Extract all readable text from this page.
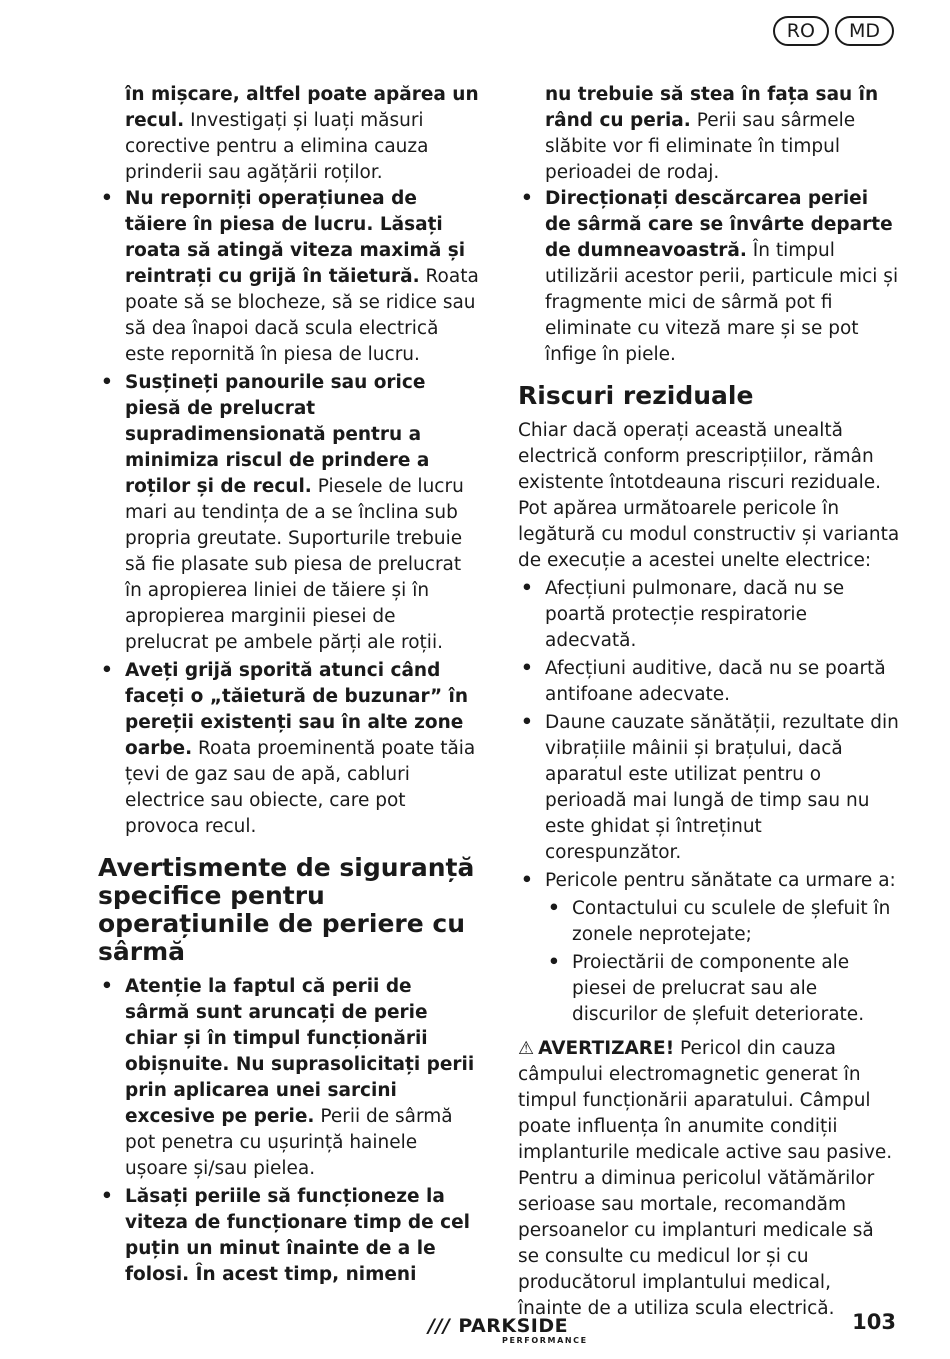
RO	MD

în mișcare, altfel poate apărea un recul. Investigați și luați măsuri corective pentru a elimina cauza prinderii sau agățării roților.

• Nu reporniți operațiunea de tăiere în piesa de lucru. Lăsați roata să atingă viteza maximă și reintrați cu grijă în tăietură. Roata poate să se blocheze, să se ridice sau să dea înapoi dacă scula electrică este repornită în piesa de lucru.
• Susțineți panourile sau orice piesă de prelucrat supradimensionată pentru a minimiza riscul de prindere a roților și de recul. Piesele de lucru mari au tendința de a se înclina sub propria greutate. Suporturile trebuie să fie plasate sub piesa de prelucrat în apropierea liniei de tăiere și în apropierea marginii piesei de prelucrat pe ambele părți ale roții.
• Aveți grijă sporită atunci când faceți o „tăietură de buzunar” în pereții existenți sau în alte zone oarbe. Roata proeminentă poate tăia țevi de gaz sau de apă, cabluri electrice sau obiecte, care pot provoca recul.
Avertismente de siguranță specifice pentru operațiunile de periere cu sârmă
• Atenție la faptul că perii de sârmă sunt aruncați de perie chiar și în timpul funcționării obișnuite. Nu suprasolicitați perii prin aplicarea unei sarcini excesive pe perie. Perii de sârmă pot penetra cu ușurință hainele ușoare și/sau pielea.
• Lăsați periile să funcționeze la viteza de funcționare timp de cel puțin un minut înainte de a le folosi. În acest timp, nimeni

nu trebuie să stea în fața sau în rând cu peria. Perii sau sârmele slăbite vor fi eliminate în timpul perioadei de rodaj.

• Direcționați descărcarea periei de sârmă care se învârte departe de dumneavoastră. În timpul utilizării acestor perii, particule mici și fragmente mici de sârmă pot fi eliminate cu viteză mare și se pot înfige în piele.
Riscuri reziduale

Chiar dacă operați această unealtă electrică conform prescripțiilor, rămân existente întotdeauna riscuri reziduale. Pot apărea următoarele pericole în legătură cu modul constructiv și varianta de execuție a acestei unelte electrice:

• Afecțiuni pulmonare, dacă nu se poartă protecție respiratorie adecvată.
• Afecțiuni auditive, dacă nu se poartă antifoane adecvate.
• Daune cauzate sănătății, rezultate din vibrațiile mâinii și brațului, dacă aparatul este utilizat pentru o perioadă mai lungă de timp sau nu este ghidat și întreținut corespunzător.
• Pericole pentru sănătate ca urmare a:
• Contactului cu sculele de șlefuit în zonele neprotejate;
• Proiectării de componente ale piesei de prelucrat sau ale discurilor de șlefuit deteriorate.

⚠ AVERTIZARE! Pericol din cauza câmpului electromagnetic generat în timpul funcționării aparatului. Câmpul poate influența în anumite condiții implanturile medicale active sau pasive. Pentru a diminua pericolul vătămărilor serioase sau mortale, recomandăm persoanelor cu implanturi medicale să se consulte cu medicul lor și cu producătorul implantului medical, înainte de a utiliza scula electrică.

/// PARKSIDE
PERFORMANCE
103
